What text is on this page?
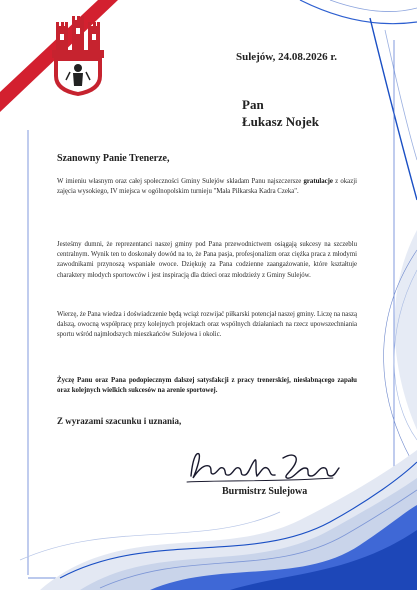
Sulejów, 24.08.2026 r.
Pan
Łukasz Nojek
Szanowny Panie Trenerze,
W imieniu własnym oraz całej społeczności Gminy Sulejów składam Panu najszczersze gratulacje z okazji zajęcia wysokiego, IV miejsca w ogólnopolskim turnieju "Mała Piłkarska Kadra Czeka".
Jesteśmy dumni, że reprezentanci naszej gminy pod Pana przewodnictwem osiągają sukcesy na szczeblu centralnym. Wynik ten to doskonały dowód na to, że Pana pasja, profesjonalizm oraz ciężka praca z młodymi zawodnikami przynoszą wspaniałe owoce. Dziękuję za Pana codzienne zaangażowanie, które kształtuje charaktery młodych sportowców i jest inspiracją dla dzieci oraz młodzieży z Gminy Sulejów.
Wierzę, że Pana wiedza i doświadczenie będą wciąż rozwijać piłkarski potencjał naszej gminy. Liczę na naszą dalszą, owocną współpracę przy kolejnych projektach oraz wspólnych działaniach na rzecz upowszechniania sportu wśród najmłodszych mieszkańców Sulejowa i okolic.
Życzę Panu oraz Pana podopiecznym dalszej satysfakcji z pracy trenerskiej, niesłabnącego zapału oraz kolejnych wielkich sukcesów na arenie sportowej.
Z wyrazami szacunku i uznania,
Burmistrz Sulejowa
